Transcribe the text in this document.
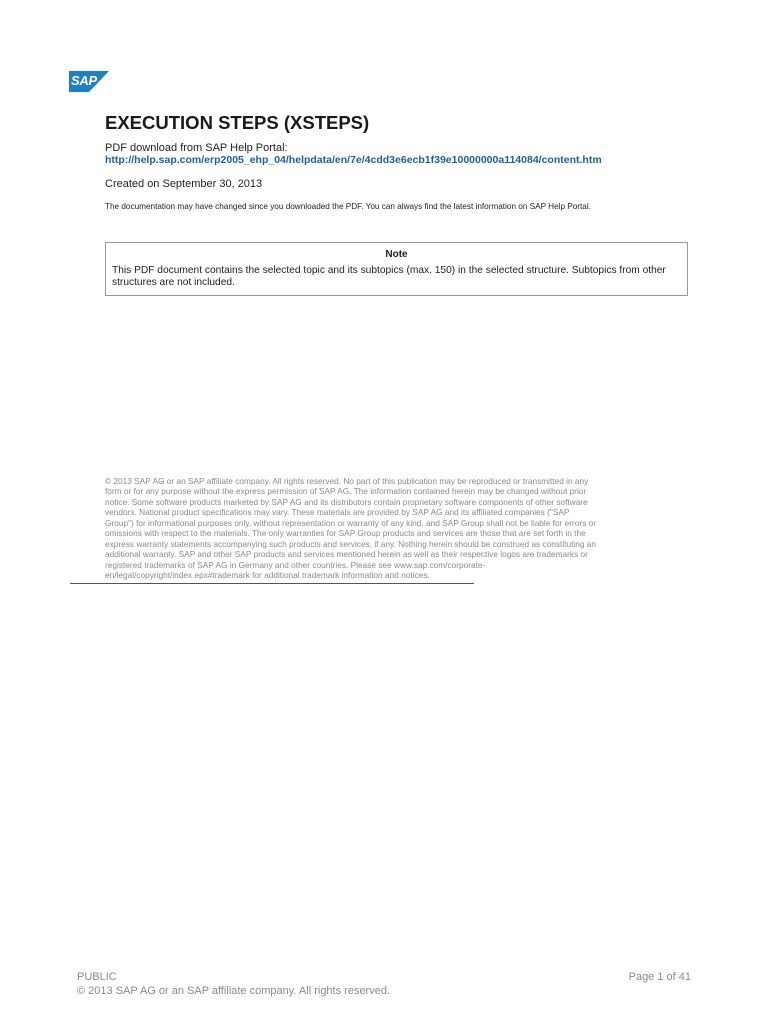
SAP
EXECUTION STEPS (XSTEPS)
PDF download from SAP Help Portal:
http://help.sap.com/erp2005_ehp_04/helpdata/en/7e/4cdd3e6ecb1f39e10000000a114084/content.htm
Created on September 30, 2013
The documentation may have changed since you downloaded the PDF. You can always find the latest information on SAP Help Portal.
Note
This PDF document contains the selected topic and its subtopics (max. 150) in the selected structure. Subtopics from other structures are not included.

© 2013 SAP AG or an SAP affiliate company. All rights reserved. No part of this publication may be reproduced or transmitted in any

form or for any purpose without the express permission of SAP AG. The information contained herein may be changed without prior

notice. Some software products marketed by SAP AG and its distributors contain proprietary software components of other software

vendors. National product specifications may vary. These materials are provided by SAP AG and its affiliated companies ("SAP

Group") for informational purposes only, without representation or warranty of any kind, and SAP Group shall not be liable for errors or

omissions with respect to the materials. The only warranties for SAP Group products and services are those that are set forth in the

express warranty statements accompanying such products and services, if any. Nothing herein should be construed as constituting an

additional warranty. SAP and other SAP products and services mentioned herein as well as their respective logos are trademarks or

registered trademarks of SAP AG in Germany and other countries. Please see www.sap.com/corporate-

en/legal/copyright/index.epx#trademark for additional trademark information and notices.

PUBLIC
© 2013 SAP AG or an SAP affiliate company. All rights reserved.
Page 1 of 41
